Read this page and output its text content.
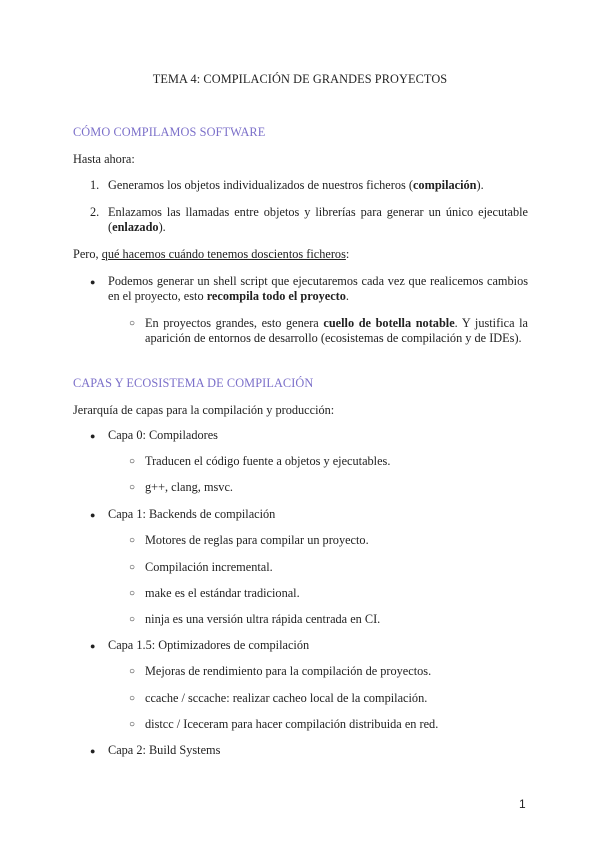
TEMA 4: COMPILACIÓN DE GRANDES PROYECTOS
CÓMO COMPILAMOS SOFTWARE
Hasta ahora:
1. Generamos los objetos individualizados de nuestros ficheros (compilación).
2. Enlazamos las llamadas entre objetos y librerías para generar un único ejecutable (enlazado).
Pero, qué hacemos cuándo tenemos doscientos ficheros:
● Podemos generar un shell script que ejecutaremos cada vez que realicemos cambios en el proyecto, esto recompila todo el proyecto.
○ En proyectos grandes, esto genera cuello de botella notable. Y justifica la aparición de entornos de desarrollo (ecosistemas de compilación y de IDEs).
CAPAS Y ECOSISTEMA DE COMPILACIÓN
Jerarquía de capas para la compilación y producción:
● Capa 0: Compiladores
○ Traducen el código fuente a objetos y ejecutables.
○ g++, clang, msvc.
● Capa 1: Backends de compilación
○ Motores de reglas para compilar un proyecto.
○ Compilación incremental.
○ make es el estándar tradicional.
○ ninja es una versión ultra rápida centrada en CI.
● Capa 1.5: Optimizadores de compilación
○ Mejoras de rendimiento para la compilación de proyectos.
○ ccache / sccache: realizar cacheo local de la compilación.
○ distcc / Iceceram para hacer compilación distribuida en red.
● Capa 2: Build Systems
1
